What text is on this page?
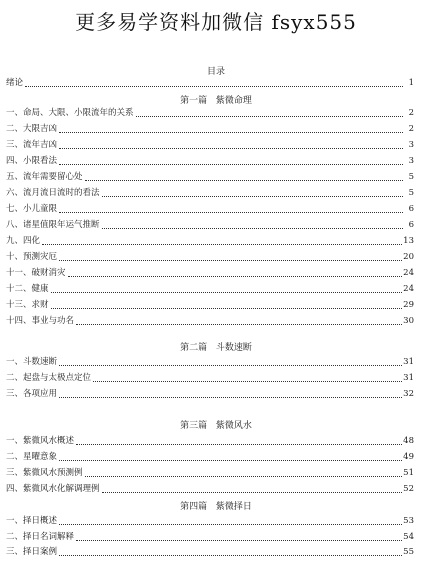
更多易学资料加微信 fsyx555
目录
绪论	1
第一篇 紫微命理
一、命局、大限、小限流年的关系	2
二、大限吉凶	2
三、流年吉凶	3
四、小限看法	3
五、流年需要留心处	5
六、流月流日流时的看法	5
七、小儿童限	6
八、诸星值限年运气推断	6
九、四化	13
十、预测灾厄	20
十一、破财消灾	24
十二、健康	24
十三、求财	29
十四、事业与功名	30
第二篇 斗数速断
一、斗数速断	31
二、起盘与太极点定位	31
三、各项应用	32
第三篇 紫微风水
一、紫微风水概述	48
二、星曜意象	49
三、紫微风水预测例	51
四、紫微风水化解调理例	52
第四篇 紫微择日
一、择日概述	53
二、择日名词解释	54
三、择日案例	55
